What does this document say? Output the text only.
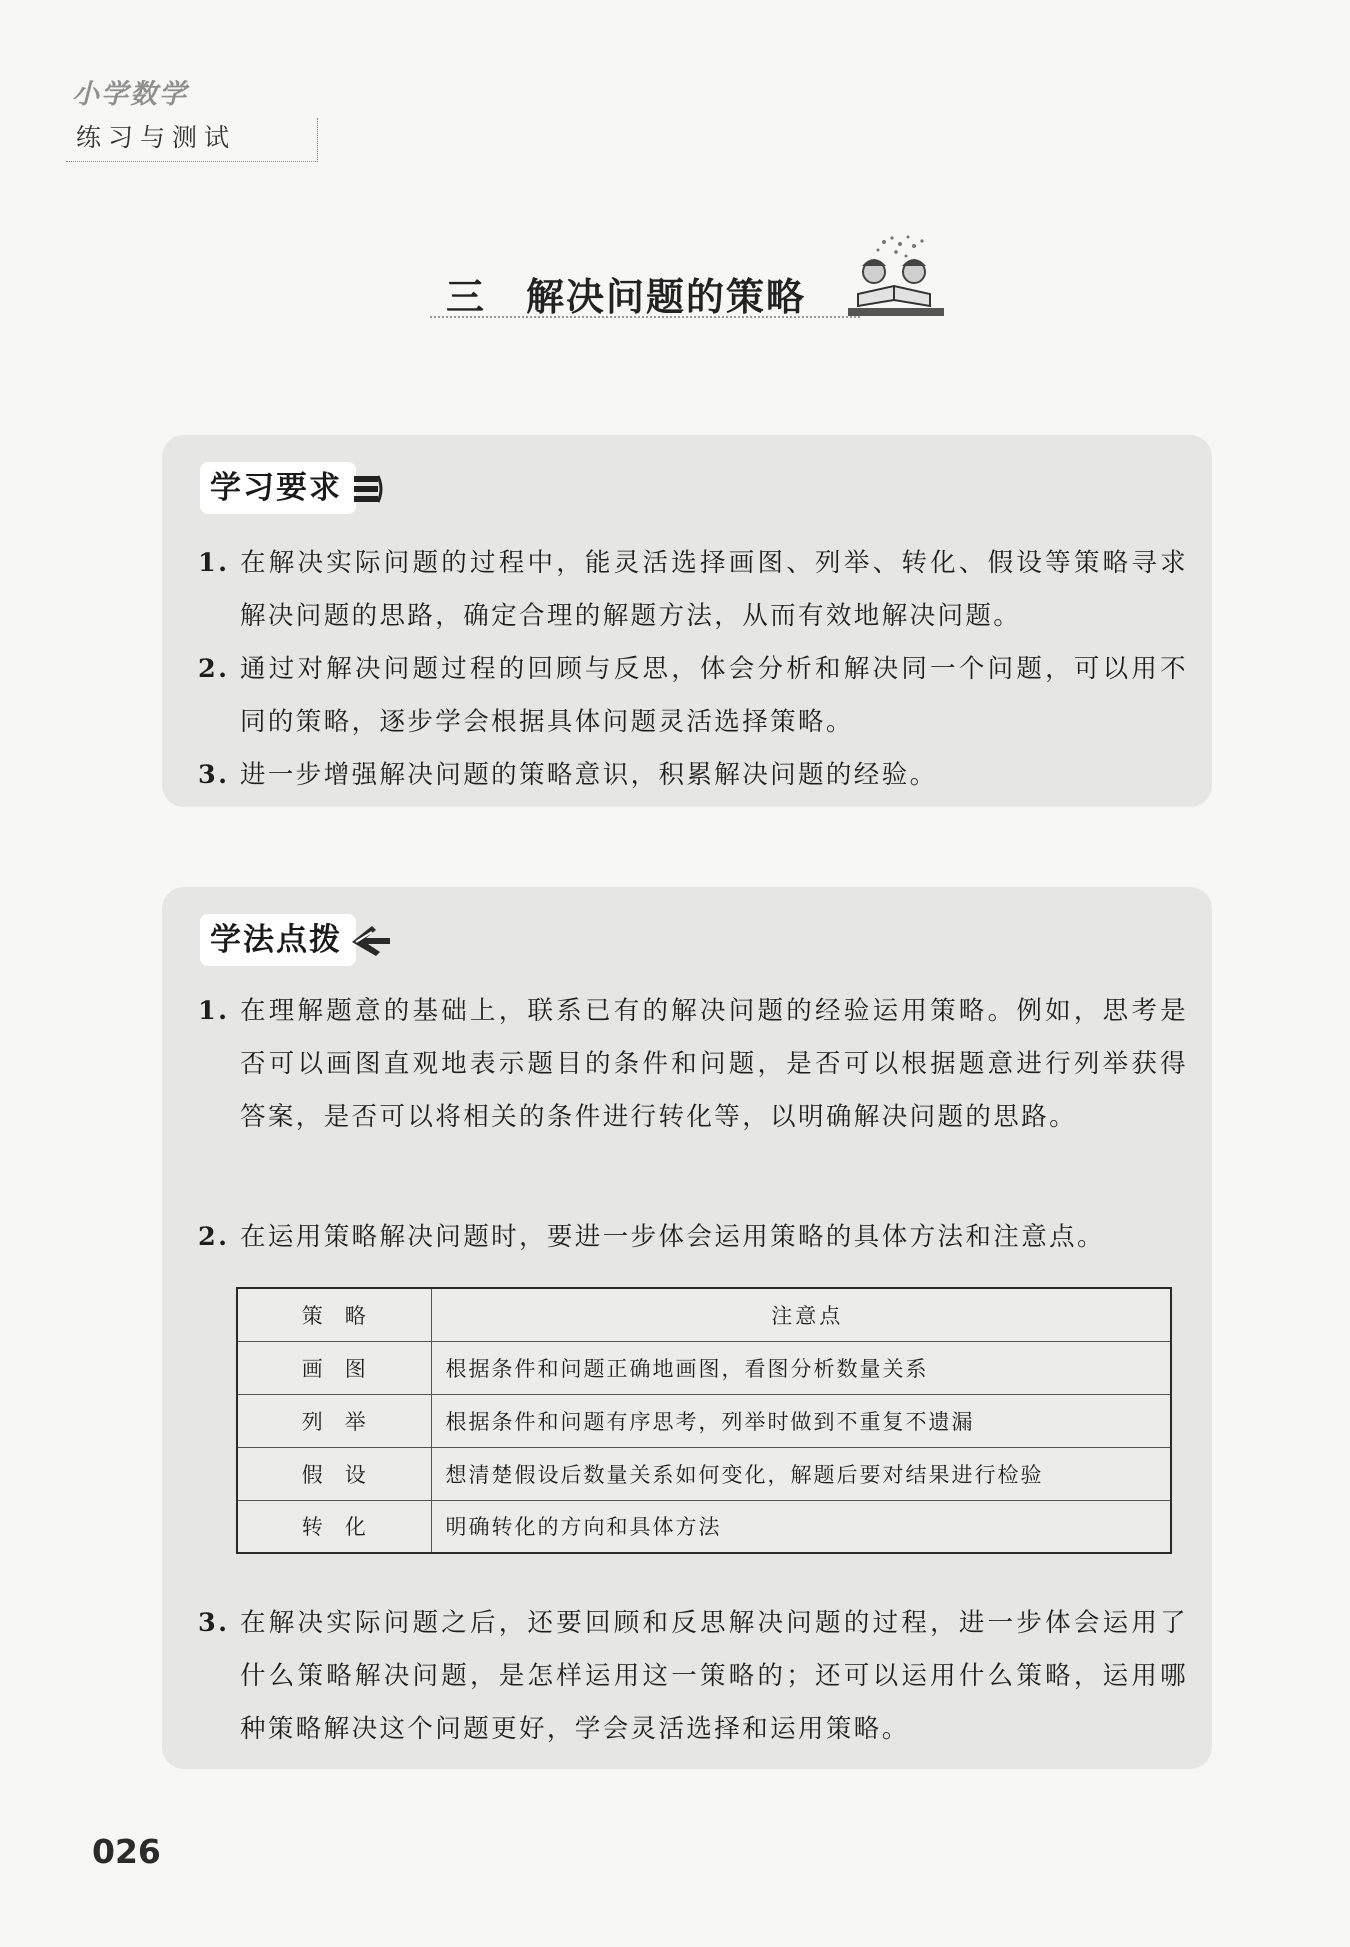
小学数学
练习与测试
三　解决问题的策略
学习要求
1. 在解决实际问题的过程中，能灵活选择画图、列举、转化、假设等策略寻求解决问题的思路，确定合理的解题方法，从而有效地解决问题。
2. 通过对解决问题过程的回顾与反思，体会分析和解决同一个问题，可以用不同的策略，逐步学会根据具体问题灵活选择策略。
3. 进一步增强解决问题的策略意识，积累解决问题的经验。
学法点拨
1. 在理解题意的基础上，联系已有的解决问题的经验运用策略。例如，思考是否可以画图直观地表示题目的条件和问题，是否可以根据题意进行列举获得答案，是否可以将相关的条件进行转化等，以明确解决问题的思路。
2. 在运用策略解决问题时，要进一步体会运用策略的具体方法和注意点。
策略	注意点
画图	根据条件和问题正确地画图，看图分析数量关系
列举	根据条件和问题有序思考，列举时做到不重复不遗漏
假设	想清楚假设后数量关系如何变化，解题后要对结果进行检验
转化	明确转化的方向和具体方法
3. 在解决实际问题之后，还要回顾和反思解决问题的过程，进一步体会运用了什么策略解决问题，是怎样运用这一策略的；还可以运用什么策略，运用哪种策略解决这个问题更好，学会灵活选择和运用策略。
026
